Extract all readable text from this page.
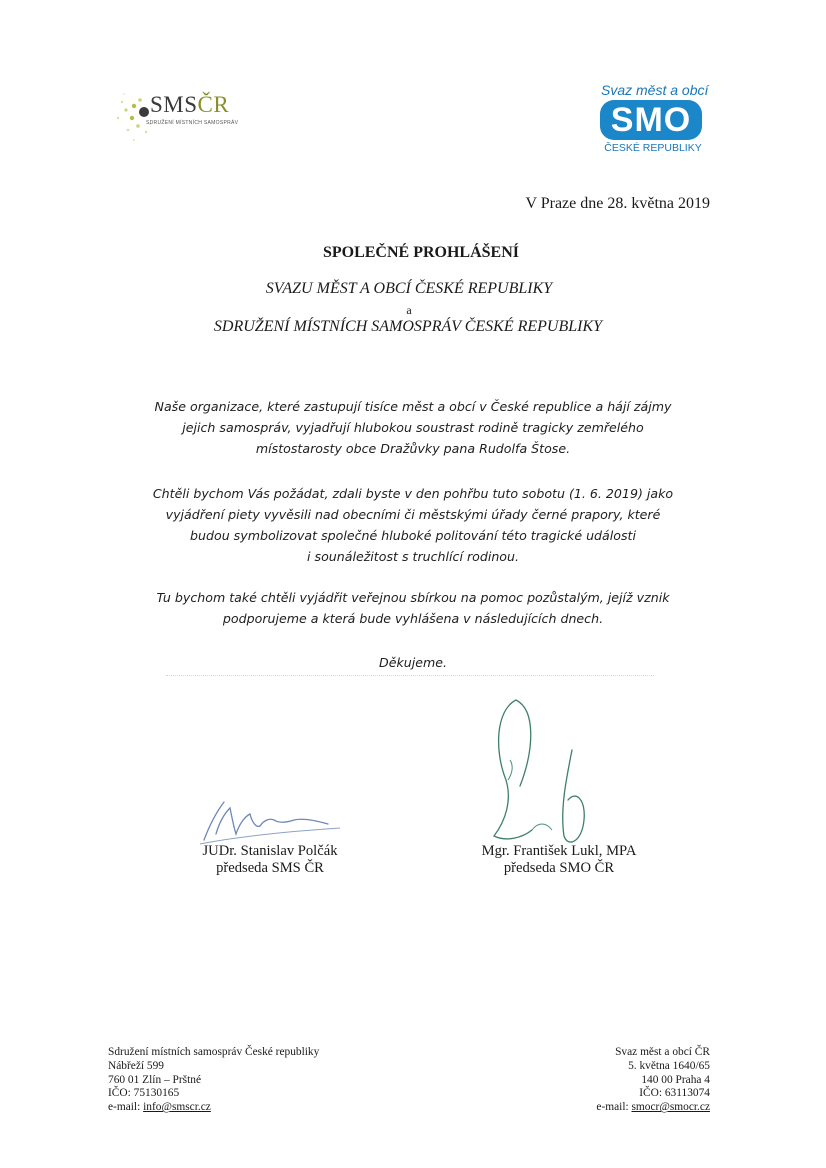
SMSČR
SDRUŽENÍ MÍSTNÍCH SAMOSPRÁV
Svaz měst a obcí
SMO
ČESKÉ REPUBLIKY
V Praze dne 28. května 2019
SPOLEČNÉ PROHLÁŠENÍ
SVAZU MĚST A OBCÍ ČESKÉ REPUBLIKY
a
SDRUŽENÍ MÍSTNÍCH SAMOSPRÁV ČESKÉ REPUBLIKY
Naše organizace, které zastupují tisíce měst a obcí v České republice a hájí zájmy
jejich samospráv, vyjadřují hlubokou soustrast rodině tragicky zemřelého
místostarosty obce Dražůvky pana Rudolfa Štose.
Chtěli bychom Vás požádat, zdali byste v den pohřbu tuto sobotu (1. 6. 2019) jako
vyjádření piety vyvěsili nad obecními či městskými úřady černé prapory, které
budou symbolizovat společné hluboké politování této tragické události
i sounáležitost s truchlící rodinou.
Tu bychom také chtěli vyjádřit veřejnou sbírkou na pomoc pozůstalým, jejíž vznik
podporujeme a která bude vyhlášena v následujících dnech.
Děkujeme.
JUDr. Stanislav Polčák
předseda SMS ČR
Mgr. František Lukl, MPA
předseda SMO ČR
Sdružení místních samospráv České republiky
Nábřeží 599
760 01 Zlín – Prštné
IČO: 75130165
e-mail: info@smscr.cz
Svaz měst a obcí ČR
5. května 1640/65
140 00 Praha 4
IČO: 63113074
e-mail: smocr@smocr.cz
